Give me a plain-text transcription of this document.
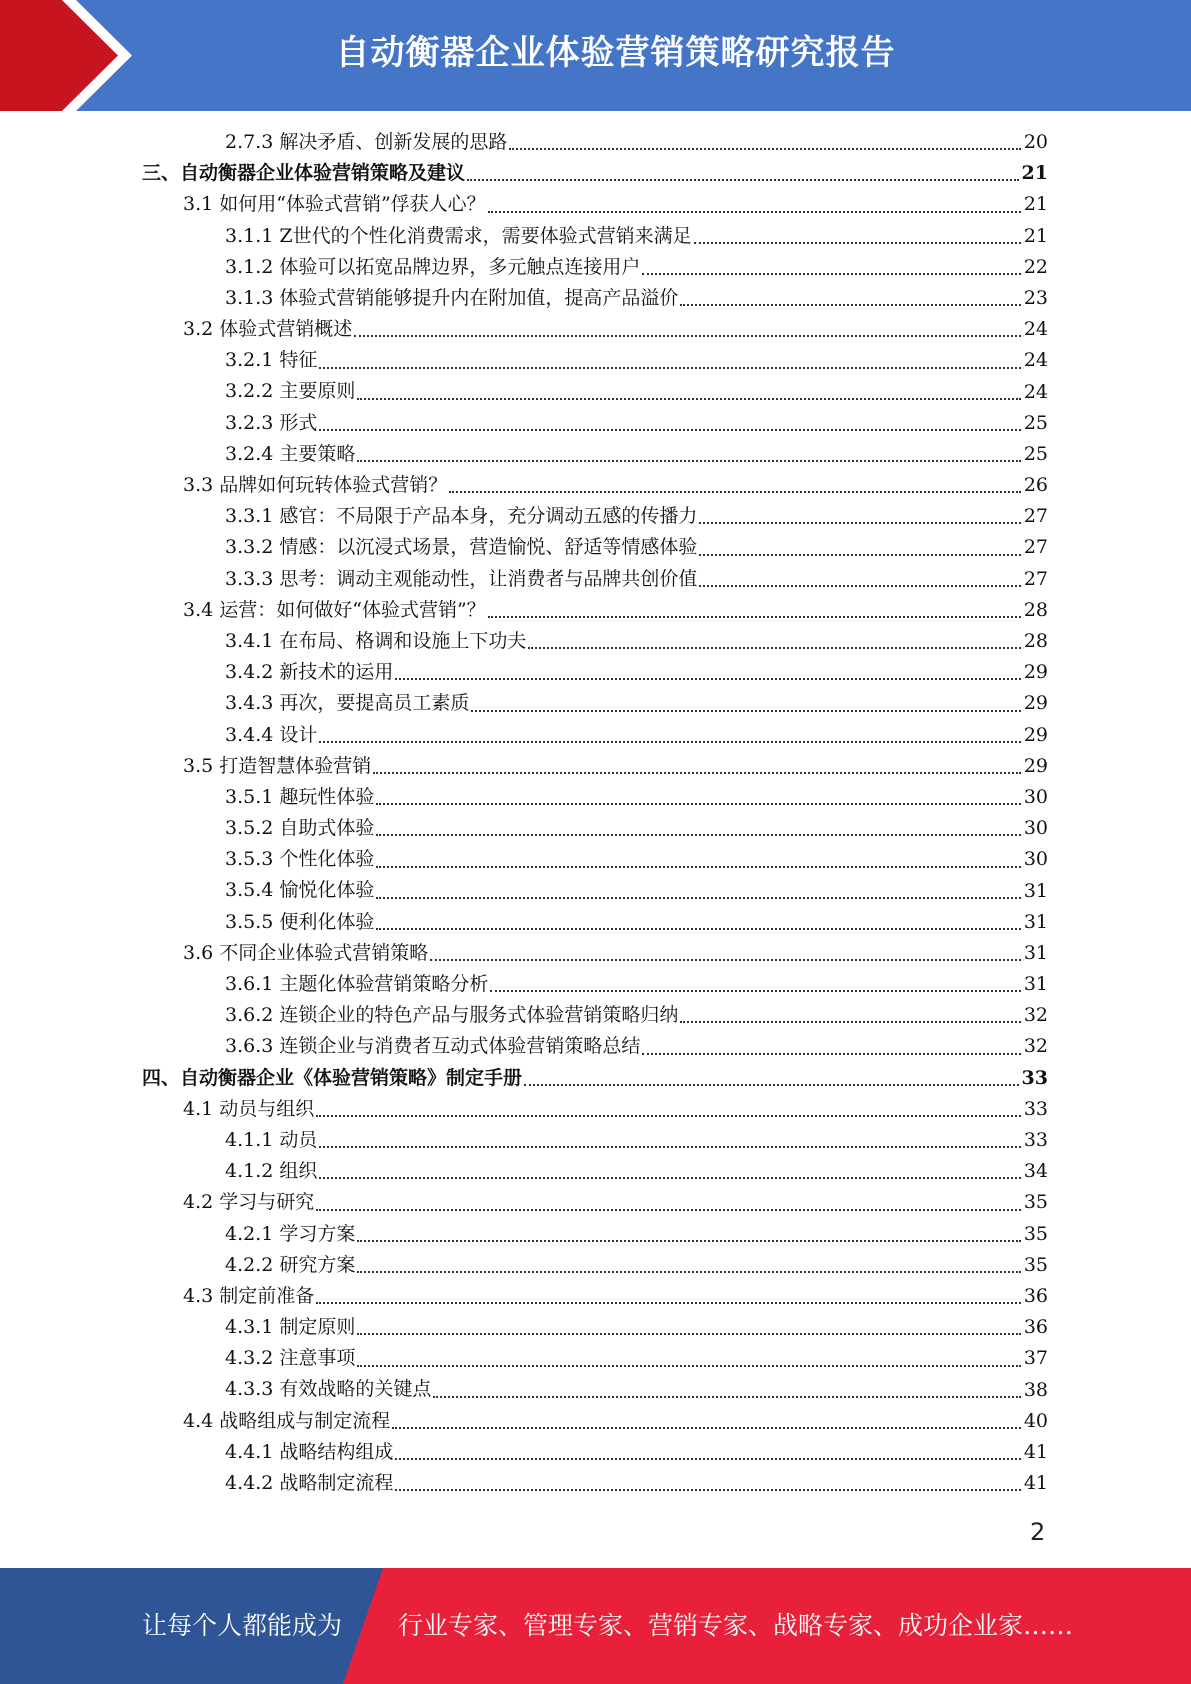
自动衡器企业体验营销策略研究报告
2.7.3 解决矛盾、创新发展的思路	20
三、自动衡器企业体验营销策略及建议	21
3.1 如何用“体验式营销”俘获人心？	21
3.1.1 Z世代的个性化消费需求，需要体验式营销来满足	21
3.1.2 体验可以拓宽品牌边界，多元触点连接用户	22
3.1.3 体验式营销能够提升内在附加值，提高产品溢价	23
3.2 体验式营销概述	24
3.2.1 特征	24
3.2.2 主要原则	24
3.2.3 形式	25
3.2.4 主要策略	25
3.3 品牌如何玩转体验式营销？	26
3.3.1 感官：不局限于产品本身，充分调动五感的传播力	27
3.3.2 情感：以沉浸式场景，营造愉悦、舒适等情感体验	27
3.3.3 思考：调动主观能动性，让消费者与品牌共创价值	27
3.4 运营：如何做好“体验式营销”？	28
3.4.1 在布局、格调和设施上下功夫	28
3.4.2 新技术的运用	29
3.4.3 再次，要提高员工素质	29
3.4.4 设计	29
3.5 打造智慧体验营销	29
3.5.1 趣玩性体验	30
3.5.2 自助式体验	30
3.5.3 个性化体验	30
3.5.4 愉悦化体验	31
3.5.5 便利化体验	31
3.6 不同企业体验式营销策略	31
3.6.1 主题化体验营销策略分析	31
3.6.2 连锁企业的特色产品与服务式体验营销策略归纳	32
3.6.3 连锁企业与消费者互动式体验营销策略总结	32
四、自动衡器企业《体验营销策略》制定手册	33
4.1 动员与组织	33
4.1.1 动员	33
4.1.2 组织	34
4.2 学习与研究	35
4.2.1 学习方案	35
4.2.2 研究方案	35
4.3 制定前准备	36
4.3.1 制定原则	36
4.3.2 注意事项	37
4.3.3 有效战略的关键点	38
4.4 战略组成与制定流程	40
4.4.1 战略结构组成	41
4.4.2 战略制定流程	41
2
让每个人都能成为 行业专家、管理专家、营销专家、战略专家、成功企业家……
